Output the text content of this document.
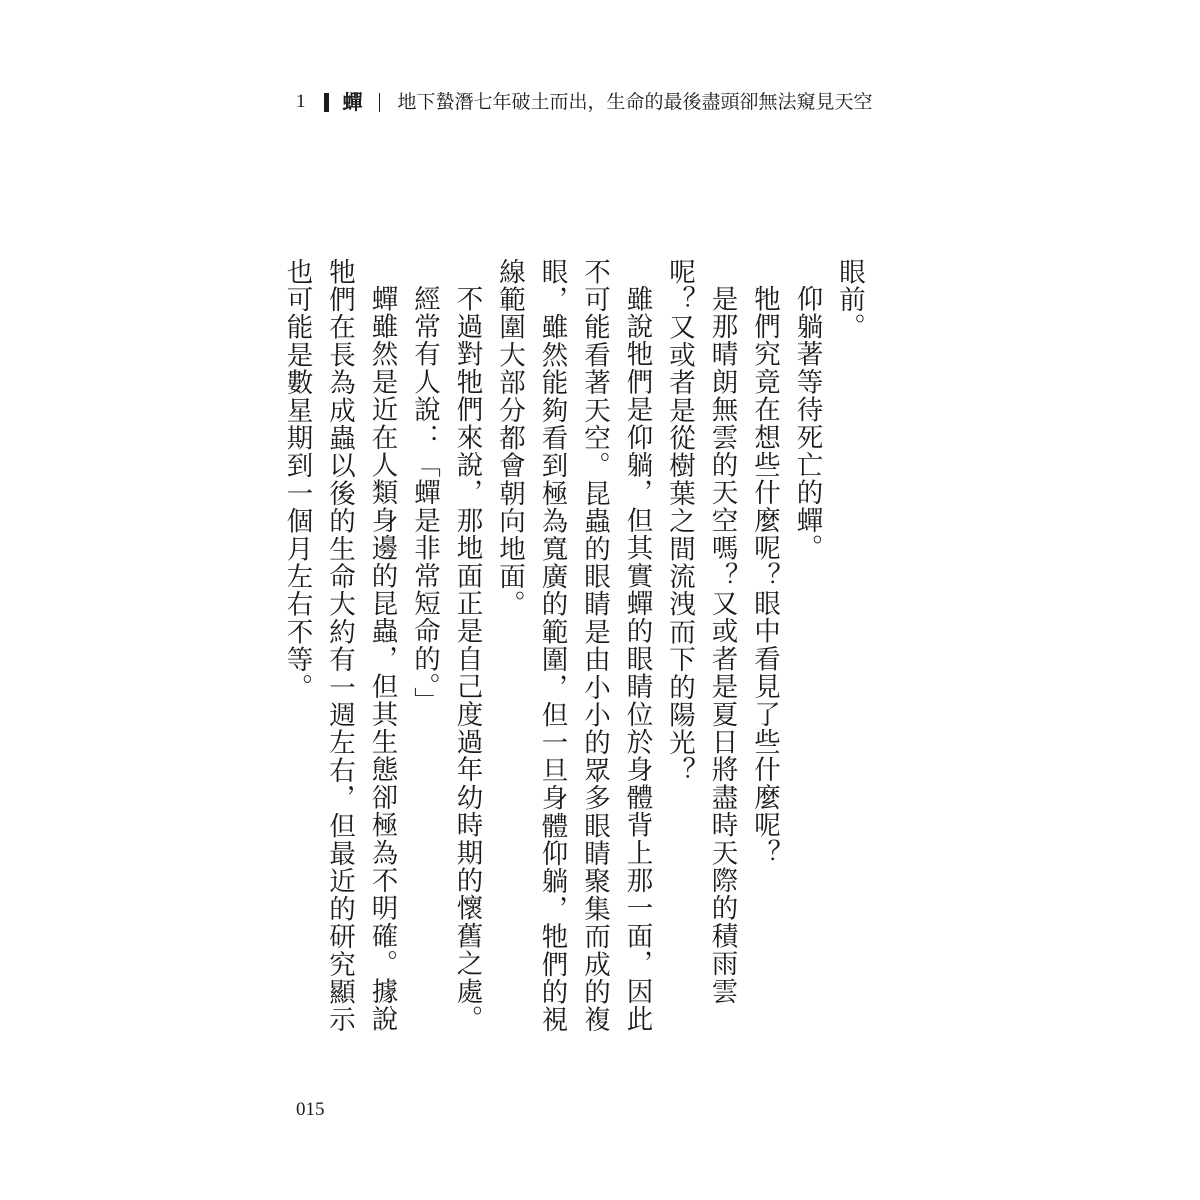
1 蟬 地下蟄潛七年破土而出，生命的最後盡頭卻無法窺見天空

眼前。

仰躺著等待死亡的蟬。

牠們究竟在想些什麼呢？眼中看見了些什麼呢？

是那晴朗無雲的天空嗎？又或者是夏日將盡時天際的積雨雲呢？又或者是從樹葉之間流洩而下的陽光？

雖說牠們是仰躺，但其實蟬的眼睛位於身體背上那一面，因此不可能看著天空。昆蟲的眼睛是由小小的眾多眼睛聚集而成的複眼，雖然能夠看到極為寬廣的範圍，但一旦身體仰躺，牠們的視線範圍大部分都會朝向地面。

不過對牠們來說，那地面正是自己度過年幼時期的懷舊之處。

經常有人說：「蟬是非常短命的。」

蟬雖然是近在人類身邊的昆蟲，但其生態卻極為不明確。據說牠們在長為成蟲以後的生命大約有一週左右，但最近的研究顯示也可能是數星期到一個月左右不等。

015
